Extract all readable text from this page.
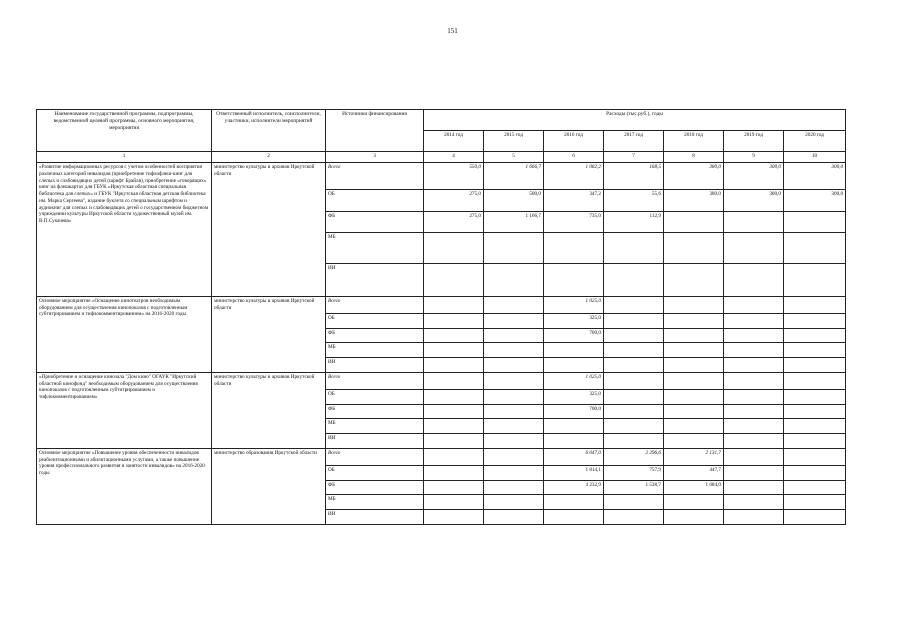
151
Наименование государственной программы, подпрограммы, ведомственной целевой программы, основного мероприятия, мероприятия	Ответственный исполнитель, соисполнители, участники, исполнители мероприятий	Источники финансирования	Расходы (тыс.руб.), годы						
			2014 год	2015 год	2016 год	2017 год	2018 год	2019 год	2020 год
1	2	3	4	5	6	7	8	9	10
«Развитие информационных ресурсов с учетом особенностей восприятия различных категорий инвалидов (приобретение тифлофлеш-книг для слепых и слабовидящих детей (шрифт Брайля), приобретение «говорящих» книг на флешкартах для ГБУК «Иркутская областная специальная библиотека для слепых» и ГБУК "Иркутская областная детская библиотека им. Марка Сергеева", издание буклета со специальным шрифтом и аудиокниг для слепых и слабовидящих детей о государственном бюджетном учреждении культуры Иркутской области художественный музей им. В.П.Сукачева»	министерство культуры и архивов Иркутской области	Всего	550,0	1 666,7	1 082,2	168,5	380,0	300,0	300,0
		ОБ	275,0	500,0	347,2	55,6	380,0	300,0	300,0
		ФБ	275,0	1 166,7	735,0	112,9			
		МБ							
		ИИ							
Основное мероприятие «Оснащение кинотеатров необходимым оборудованием для осуществления кинопоказов с подготовленным субтитрированием и тифлокомментированием» на 2016-2020 годы	министерство культуры и архивов Иркутской области	Всего			1 025,0				
		ОБ			325,0				
		ФБ			700,0				
		МБ							
		ИИ							
«Приобретение и оснащение кинозала "Дом кино" ОГАУК "Иркутский областной кинофонд" необходимым оборудованием для осуществления кинопоказов с подготовленным субтитрированием и тифлокомментированием»	министерство культуры и архивов Иркутской области	Всего			1 025,0				
		ОБ			325,0				
		ФБ			700,0				
		МБ							
		ИИ							
Основное мероприятие «Повышение уровня обеспеченности инвалидов реабилитационными и абилитационными услугами, а также повышение уровня профессионального развития и занятости инвалидов» на 2016-2020 годы	министерство образования Иркутской области	Всего			6 047,0	2 296,6	2 131,7		
		ОБ			1 814,1	757,9	447,7		
		ФБ			4 232,9	1 538,7	1 684,0		
		МБ							
		ИИ							
